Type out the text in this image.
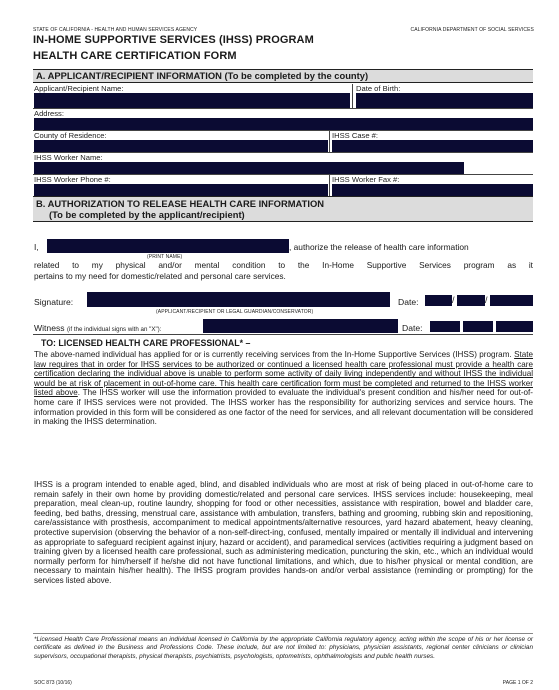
STATE OF CALIFORNIA - HEALTH AND HUMAN SERVICES AGENCY	CALIFORNIA DEPARTMENT OF SOCIAL SERVICES
IN-HOME SUPPORTIVE SERVICES (IHSS) PROGRAM
HEALTH CARE CERTIFICATION FORM
A. APPLICANT/RECIPIENT INFORMATION (To be completed by the county)
Applicant/Recipient Name:	Date of Birth:
Address:
County of Residence:	IHSS Case #:
IHSS Worker Name:
IHSS Worker Phone #:	IHSS Worker Fax #:
B. AUTHORIZATION TO RELEASE HEALTH CARE INFORMATION
(To be completed by the applicant/recipient)
I,	, authorize the release of health care information
(PRINT NAME)
related to my physical and/or mental condition to the In-Home Supportive Services program as it
pertains to my need for domestic/related and personal care services.
Signature:
(APPLICANT/RECIPIENT OR LEGAL GUARDIAN/CONSERVATOR)
Date:	/	/
Witness (if the individual signs with an "X"):	Date:
TO: LICENSED HEALTH CARE PROFESSIONAL* –
The above-named individual has applied for or is currently receiving services from the In-Home Supportive Services (IHSS) program. State law requires that in order for IHSS services to be authorized or continued a licensed health care professional must provide a health care certification declaring the individual above is unable to perform some activity of daily living independently and without IHSS the individual would be at risk of placement in out-of-home care. This health care certification form must be completed and returned to the IHSS worker listed above. The IHSS worker will use the information provided to evaluate the individual's present condition and his/her need for out-of-home care if IHSS services were not provided. The IHSS worker has the responsibility for authorizing services and service hours. The information provided in this form will be considered as one factor of the need for services, and all relevant documentation will be considered in making the IHSS determination.
IHSS is a program intended to enable aged, blind, and disabled individuals who are most at risk of being placed in out-of-home care to remain safely in their own home by providing domestic/related and personal care services. IHSS services include: housekeeping, meal preparation, meal clean-up, routine laundry, shopping for food or other necessities, assistance with respiration, bowel and bladder care, feeding, bed baths, dressing, menstrual care, assistance with ambulation, transfers, bathing and grooming, rubbing skin and repositioning, care/assistance with prosthesis, accompaniment to medical appointments/alternative resources, yard hazard abatement, heavy cleaning, protective supervision (observing the behavior of a non-self-direct-ing, confused, mentally impaired or mentally ill individual and intervening as appropriate to safeguard recipient against injury, hazard or accident), and paramedical services (activities requiring a judgment based on training given by a licensed health care professional, such as administering medication, puncturing the skin, etc., which an individual would normally perform for him/herself if he/she did not have functional limitations, and which, due to his/her physical or mental condition, are necessary to maintain his/her health). The IHSS program provides hands-on and/or verbal assistance (reminding or prompting) for the services listed above.
*Licensed Health Care Professional means an individual licensed in California by the appropriate California regulatory agency, acting within the scope of his or her license or certificate as defined in the Business and Professions Code. These include, but are not limited to: physicians, physician assistants, regional center clinicians or clinician supervisors, occupational therapists, physical therapists, psychiatrists, psychologists, optometrists, ophthalmologists and public health nurses.
SOC 873 (10/16)	PAGE 1 OF 2
